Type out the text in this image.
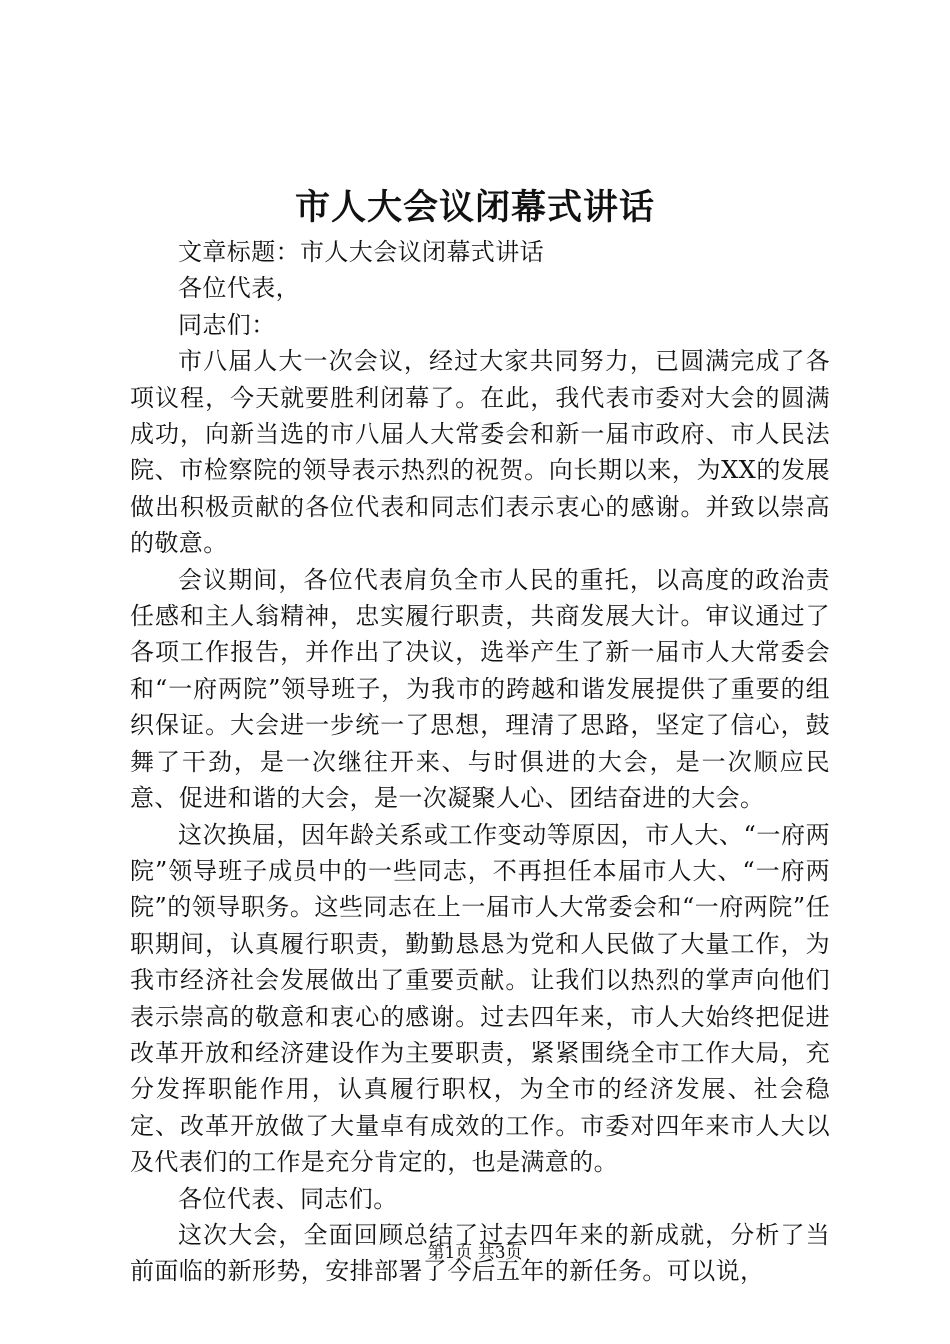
市人大会议闭幕式讲话

文章标题：市人大会议闭幕式讲话

各位代表，

同志们：

市八届人大一次会议，经过大家共同努力，已圆满完成了各项议程，今天就要胜利闭幕了。在此，我代表市委对大会的圆满成功，向新当选的市八届人大常委会和新一届市政府、市人民法院、市检察院的领导表示热烈的祝贺。向长期以来，为XX的发展做出积极贡献的各位代表和同志们表示衷心的感谢。并致以崇高的敬意。

会议期间，各位代表肩负全市人民的重托，以高度的政治责任感和主人翁精神，忠实履行职责，共商发展大计。审议通过了各项工作报告，并作出了决议，选举产生了新一届市人大常委会和“一府两院”领导班子，为我市的跨越和谐发展提供了重要的组织保证。大会进一步统一了思想，理清了思路，坚定了信心，鼓舞了干劲，是一次继往开来、与时俱进的大会，是一次顺应民意、促进和谐的大会，是一次凝聚人心、团结奋进的大会。

这次换届，因年龄关系或工作变动等原因，市人大、“一府两院”领导班子成员中的一些同志，不再担任本届市人大、“一府两院”的领导职务。这些同志在上一届市人大常委会和“一府两院”任职期间，认真履行职责，勤勤恳恳为党和人民做了大量工作，为我市经济社会发展做出了重要贡献。让我们以热烈的掌声向他们表示崇高的敬意和衷心的感谢。过去四年来，市人大始终把促进改革开放和经济建设作为主要职责，紧紧围绕全市工作大局，充分发挥职能作用，认真履行职权，为全市的经济发展、社会稳定、改革开放做了大量卓有成效的工作。市委对四年来市人大以及代表们的工作是充分肯定的，也是满意的。

各位代表、同志们。

这次大会，全面回顾总结了过去四年来的新成就，分析了当前面临的新形势，安排部署了今后五年的新任务。可以说，

第1页 共3页
